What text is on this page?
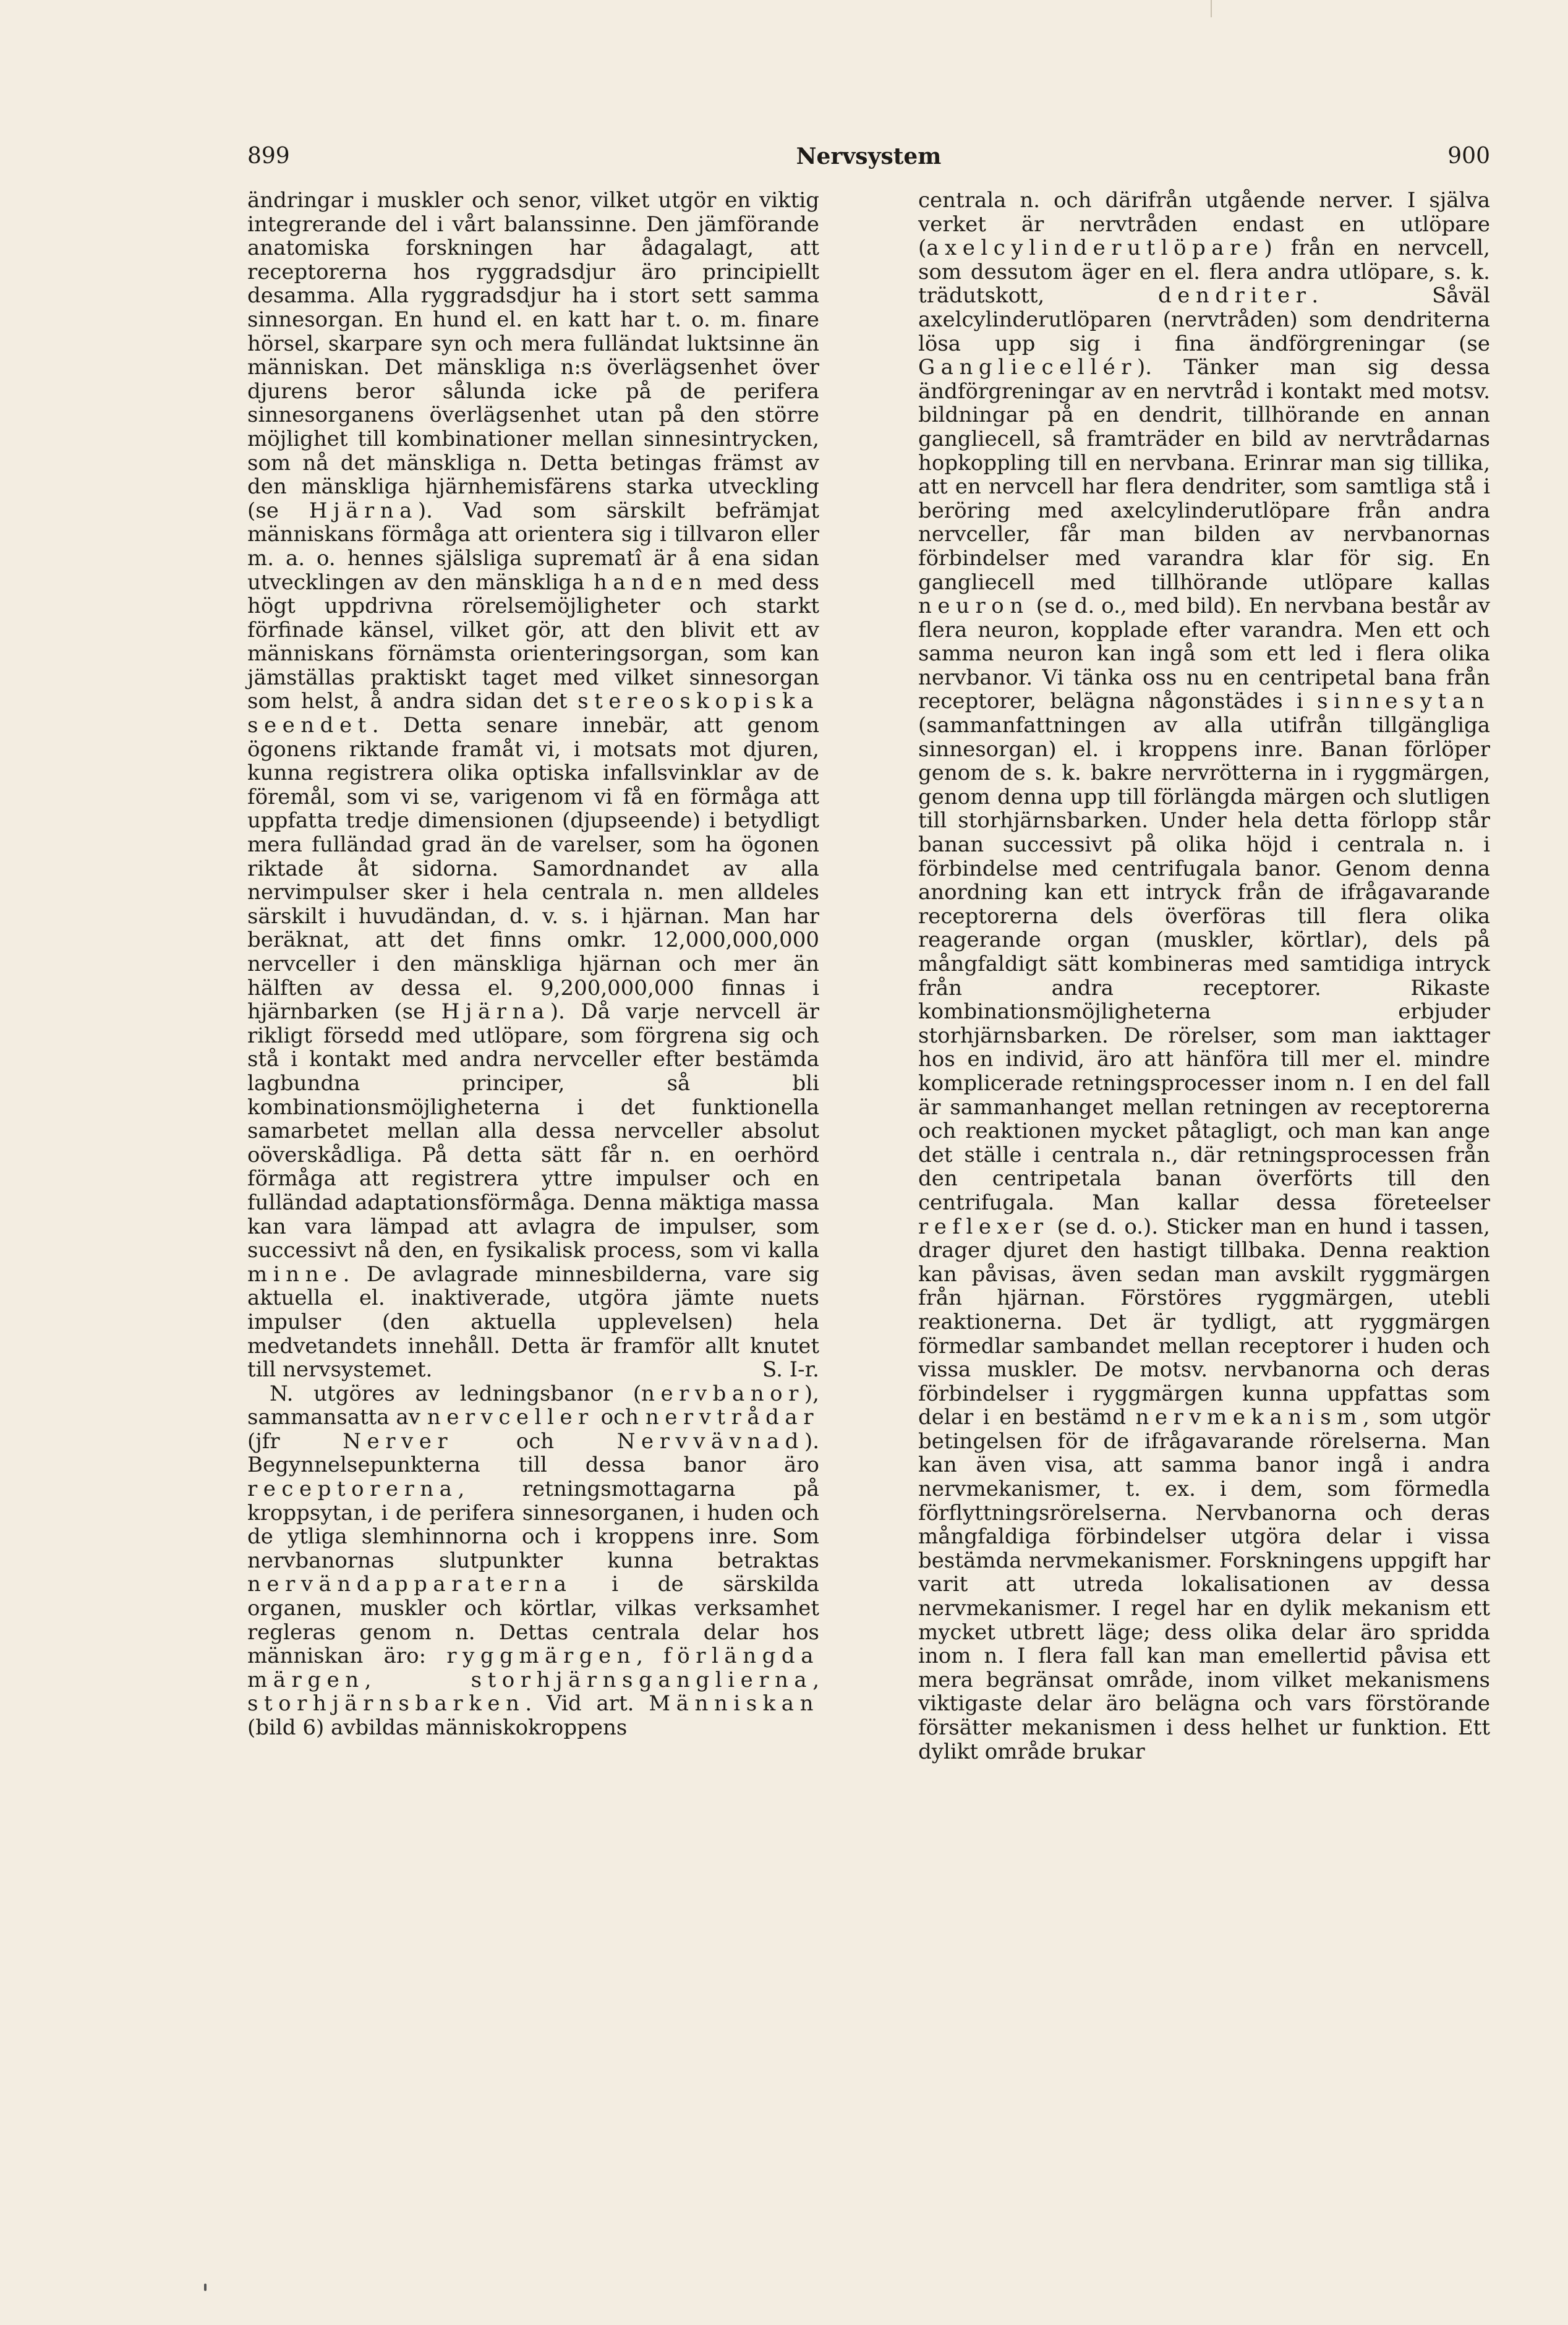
Nervsystem
899	900

ändringar i muskler och senor, vilket utgör en viktig integrerande del i vårt balanssinne. Den jämförande anatomiska forskningen har ådagalagt, att receptorerna hos ryggradsdjur äro principiellt desamma. Alla ryggradsdjur ha i stort sett samma sinnesorgan. En hund el. en katt har t. o. m. finare hörsel, skarpare syn och mera fulländat luktsinne än människan. Det mänskliga n:s överlägsenhet över djurens beror sålunda icke på de perifera sinnesorganens överlägsenhet utan på den större möjlighet till kombinationer mellan sinnesintrycken, som nå det mänskliga n. Detta betingas främst av den mänskliga hjärnhemisfärens starka utveckling (se Hjärna). Vad som särskilt befrämjat människans förmåga att orientera sig i tillvaron eller m. a. o. hennes själsliga suprematî är å ena sidan utvecklingen av den mänskliga handen med dess högt uppdrivna rörelsemöjligheter och starkt förfinade känsel, vilket gör, att den blivit ett av människans förnämsta orienteringsorgan, som kan jämställas praktiskt taget med vilket sinnesorgan som helst, å andra sidan det stereoskopiska seendet. Detta senare innebär, att genom ögonens riktande framåt vi, i motsats mot djuren, kunna registrera olika optiska infallsvinklar av de föremål, som vi se, varigenom vi få en förmåga att uppfatta tredje dimensionen (djupseende) i betydligt mera fulländad grad än de varelser, som ha ögonen riktade åt sidorna. Samordnandet av alla nervimpulser sker i hela centrala n. men alldeles särskilt i huvudändan, d. v. s. i hjärnan. Man har beräknat, att det finns omkr. 12,000,000,000 nervceller i den mänskliga hjärnan och mer än hälften av dessa el. 9,200,000,000 finnas i hjärnbarken (se Hjärna). Då varje nervcell är rikligt försedd med utlöpare, som förgrena sig och stå i kontakt med andra nervceller efter bestämda lagbundna principer, så bli kombinationsmöjligheterna i det funktionella samarbetet mellan alla dessa nervceller absolut oöverskådliga. På detta sätt får n. en oerhörd förmåga att registrera yttre impulser och en fulländad adaptationsförmåga. Denna mäktiga massa kan vara lämpad att avlagra de impulser, som successivt nå den, en fysikalisk process, som vi kalla minne. De avlagrade minnesbilderna, vare sig aktuella el. inaktiverade, utgöra jämte nuets impulser (den aktuella upplevelsen) hela medvetandets innehåll. Detta är framför allt knutet till nervsystemet.	S. I-r.

N. utgöres av ledningsbanor (nervbanor), sammansatta av nervceller och nervtrådar (jfr Nerver och Nervvävnad). Begynnelsepunkterna till dessa banor äro receptorerna, retningsmottagarna på kroppsytan, i de perifera sinnesorganen, i huden och de ytliga slemhinnorna och i kroppens inre. Som nervbanornas slutpunkter kunna betraktas nervändapparaterna i de särskilda organen, muskler och körtlar, vilkas verksamhet regleras genom n. Dettas centrala delar hos människan äro: ryggmärgen, förlängda märgen, storhjärnsganglierna, storhjärnsbarken. Vid art. Människan (bild 6) avbildas människokroppens

centrala n. och därifrån utgående nerver. I själva verket är nervtråden endast en utlöpare (axelcylinderutlöpare) från en nervcell, som dessutom äger en el. flera andra utlöpare, s. k. trädutskott, dendriter. Såväl axelcylinderutlöparen (nervtråden) som dendriterna lösa upp sig i fina ändförgreningar (se Gangliecellér). Tänker man sig dessa ändförgreningar av en nervtråd i kontakt med motsv. bildningar på en dendrit, tillhörande en annan gangliecell, så framträder en bild av nervtrådarnas hopkoppling till en nervbana. Erinrar man sig tillika, att en nervcell har flera dendriter, som samtliga stå i beröring med axelcylinderutlöpare från andra nervceller, får man bilden av nervbanornas förbindelser med varandra klar för sig. En gangliecell med tillhörande utlöpare kallas neuron (se d. o., med bild). En nervbana består av flera neuron, kopplade efter varandra. Men ett och samma neuron kan ingå som ett led i flera olika nervbanor. Vi tänka oss nu en centripetal bana från receptorer, belägna någonstädes i sinnesytan (sammanfattningen av alla utifrån tillgängliga sinnesorgan) el. i kroppens inre. Banan förlöper genom de s. k. bakre nervrötterna in i ryggmärgen, genom denna upp till förlängda märgen och slutligen till storhjärnsbarken. Under hela detta förlopp står banan successivt på olika höjd i centrala n. i förbindelse med centrifugala banor. Genom denna anordning kan ett intryck från de ifrågavarande receptorerna dels överföras till flera olika reagerande organ (muskler, körtlar), dels på mångfaldigt sätt kombineras med samtidiga intryck från andra receptorer. Rikaste kombinationsmöjligheterna erbjuder storhjärnsbarken. De rörelser, som man iakttager hos en individ, äro att hänföra till mer el. mindre komplicerade retningsprocesser inom n. I en del fall är sammanhanget mellan retningen av receptorerna och reaktionen mycket påtagligt, och man kan ange det ställe i centrala n., där retningsprocessen från den centripetala banan överförts till den centrifugala. Man kallar dessa företeelser reflexer (se d. o.). Sticker man en hund i tassen, drager djuret den hastigt tillbaka. Denna reaktion kan påvisas, även sedan man avskilt ryggmärgen från hjärnan. Förstöres ryggmärgen, utebli reaktionerna. Det är tydligt, att ryggmärgen förmedlar sambandet mellan receptorer i huden och vissa muskler. De motsv. nervbanorna och deras förbindelser i ryggmärgen kunna uppfattas som delar i en bestämd nervmekanism, som utgör betingelsen för de ifrågavarande rörelserna. Man kan även visa, att samma banor ingå i andra nervmekanismer, t. ex. i dem, som förmedla förflyttningsrörelserna. Nervbanorna och deras mångfaldiga förbindelser utgöra delar i vissa bestämda nervmekanismer. Forskningens uppgift har varit att utreda lokalisationen av dessa nervmekanismer. I regel har en dylik mekanism ett mycket utbrett läge; dess olika delar äro spridda inom n. I flera fall kan man emellertid påvisa ett mera begränsat område, inom vilket mekanismens viktigaste delar äro belägna och vars förstörande försätter mekanismen i dess helhet ur funktion. Ett dylikt område brukar
